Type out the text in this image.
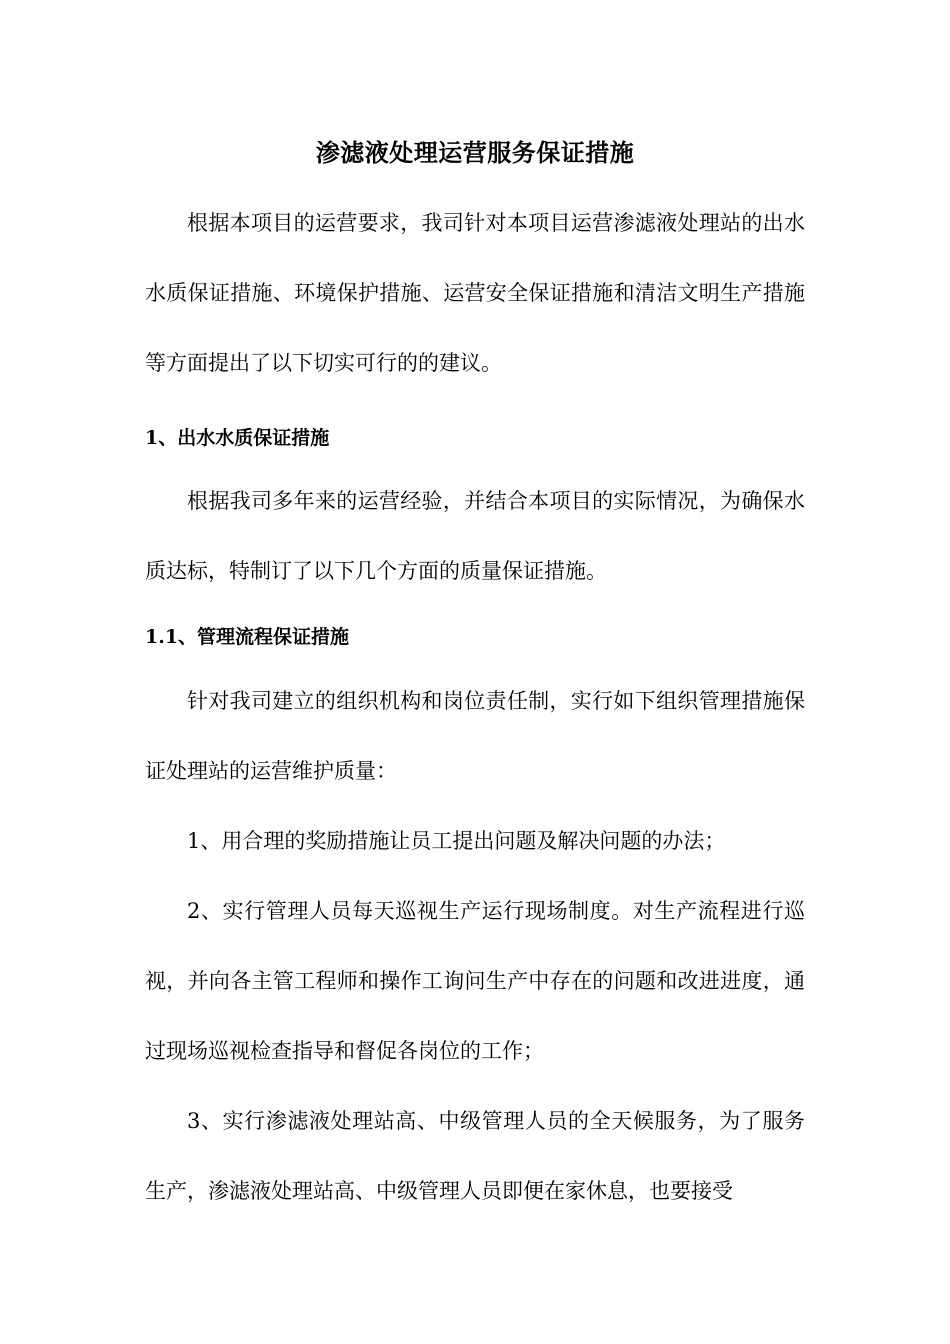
渗滤液处理运营服务保证措施

根据本项目的运营要求，我司针对本项目运营渗滤液处理站的出水水质保证措施、环境保护措施、运营安全保证措施和清洁文明生产措施等方面提出了以下切实可行的的建议。

1、出水水质保证措施

根据我司多年来的运营经验，并结合本项目的实际情况，为确保水质达标，特制订了以下几个方面的质量保证措施。

1.1、管理流程保证措施

针对我司建立的组织机构和岗位责任制，实行如下组织管理措施保证处理站的运营维护质量：

1、用合理的奖励措施让员工提出问题及解决问题的办法；

2、实行管理人员每天巡视生产运行现场制度。对生产流程进行巡视，并向各主管工程师和操作工询问生产中存在的问题和改进进度，通过现场巡视检查指导和督促各岗位的工作；

3、实行渗滤液处理站高、中级管理人员的全天候服务，为了服务生产，渗滤液处理站高、中级管理人员即便在家休息，也要接受
